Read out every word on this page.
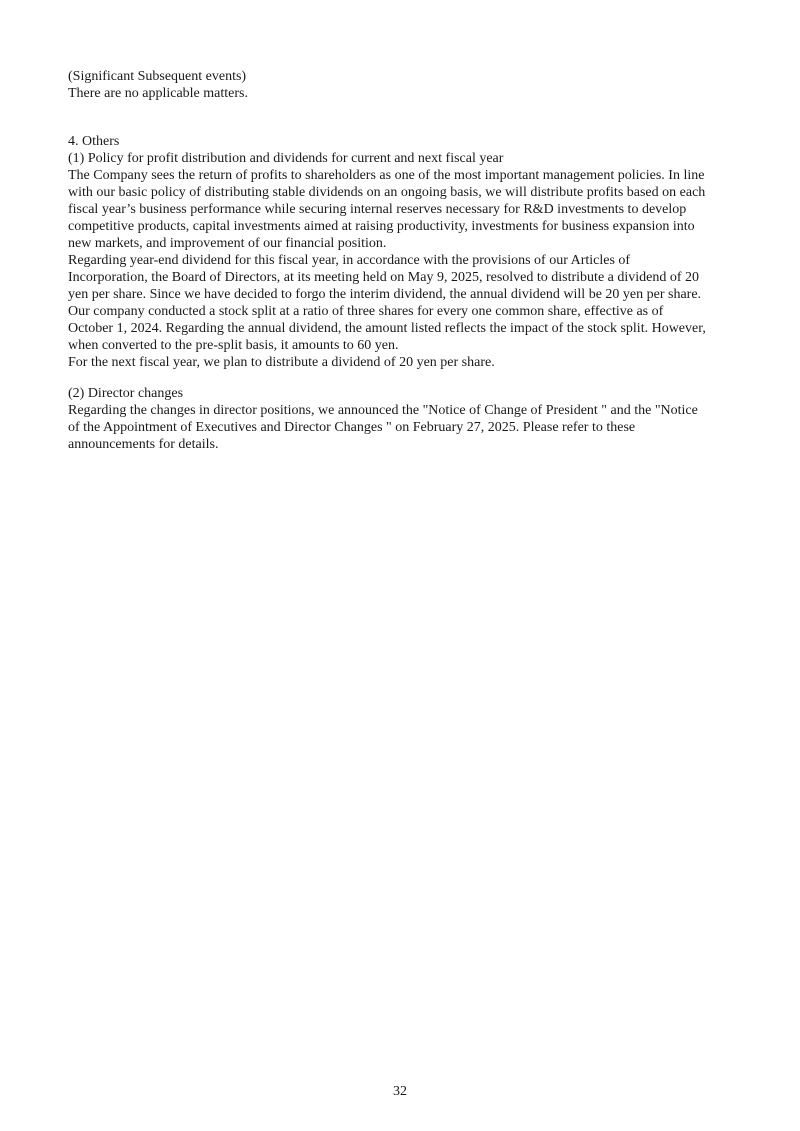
(Significant Subsequent events)
There are no applicable matters.
4. Others
(1) Policy for profit distribution and dividends for current and next fiscal year
The Company sees the return of profits to shareholders as one of the most important management policies. In line
with our basic policy of distributing stable dividends on an ongoing basis, we will distribute profits based on each
fiscal year’s business performance while securing internal reserves necessary for R&D investments to develop
competitive products, capital investments aimed at raising productivity, investments for business expansion into
new markets, and improvement of our financial position.
Regarding year-end dividend for this fiscal year, in accordance with the provisions of our Articles of
Incorporation, the Board of Directors, at its meeting held on May 9, 2025, resolved to distribute a dividend of 20
yen per share. Since we have decided to forgo the interim dividend, the annual dividend will be 20 yen per share.
Our company conducted a stock split at a ratio of three shares for every one common share, effective as of
October 1, 2024. Regarding the annual dividend, the amount listed reflects the impact of the stock split. However,
when converted to the pre-split basis, it amounts to 60 yen.
For the next fiscal year, we plan to distribute a dividend of 20 yen per share.
(2) Director changes
Regarding the changes in director positions, we announced the "Notice of Change of President " and the "Notice
of the Appointment of Executives and Director Changes " on February 27, 2025. Please refer to these
announcements for details.
32
